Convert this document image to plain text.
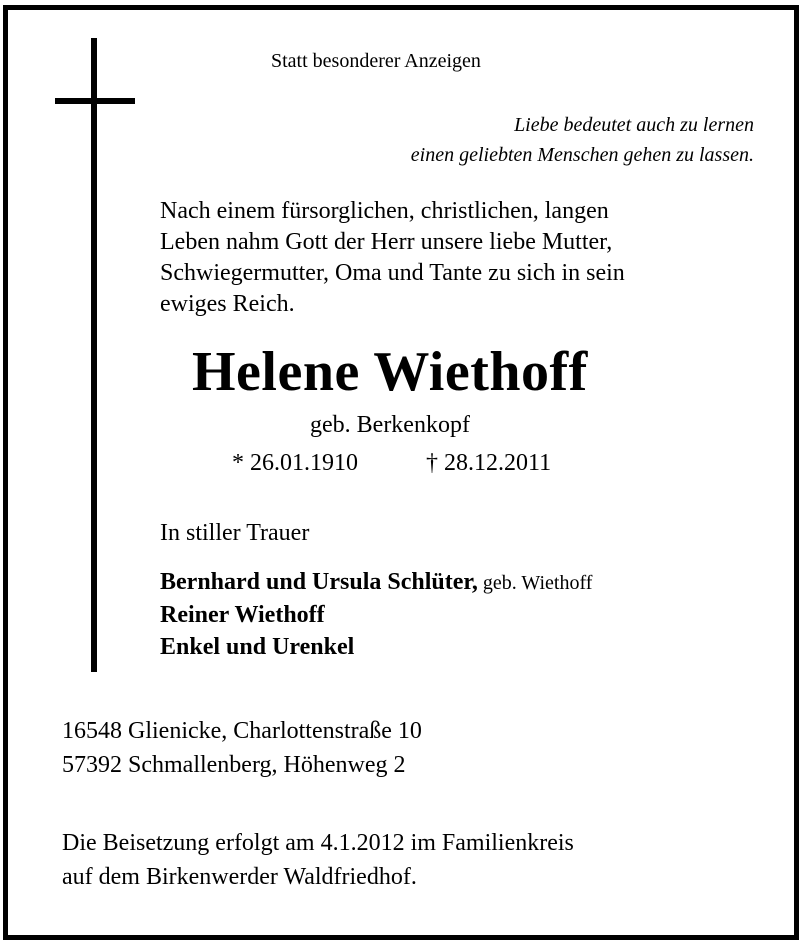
Statt besonderer Anzeigen
Liebe bedeutet auch zu lernen
einen geliebten Menschen gehen zu lassen.
Nach einem fürsorglichen, christlichen, langen
Leben nahm Gott der Herr unsere liebe Mutter,
Schwiegermutter, Oma und Tante zu sich in sein
ewiges Reich.
Helene Wiethoff
geb. Berkenkopf
* 26.01.1910	† 28.12.2011
In stiller Trauer
Bernhard und Ursula Schlüter, geb. Wiethoff
Reiner Wiethoff
Enkel und Urenkel
16548 Glienicke, Charlottenstraße 10
57392 Schmallenberg, Höhenweg 2
Die Beisetzung erfolgt am 4.1.2012 im Familienkreis
auf dem Birkenwerder Waldfriedhof.
